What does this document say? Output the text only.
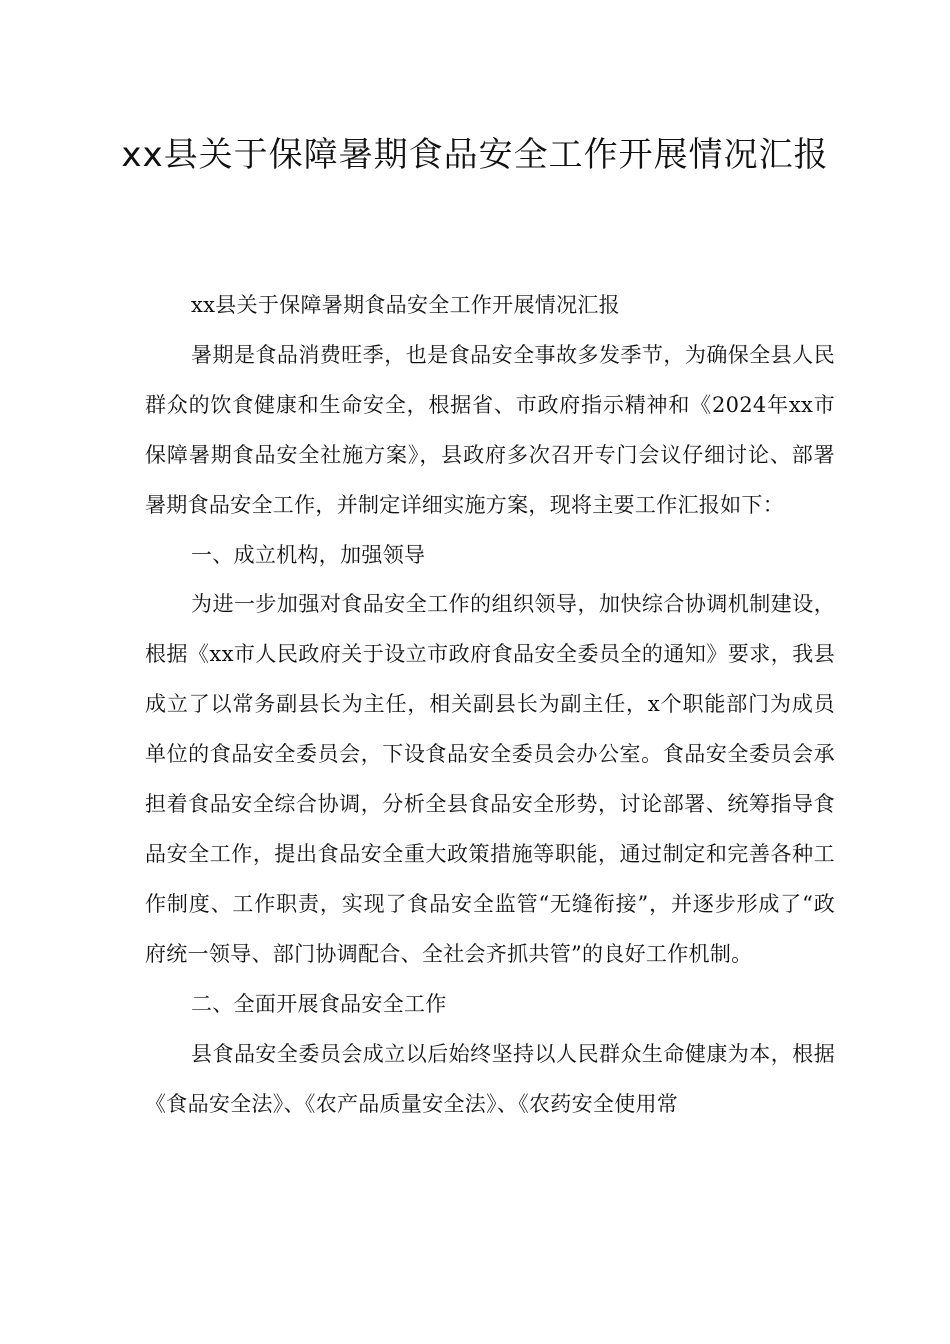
xx县关于保障暑期食品安全工作开展情况汇报

xx县关于保障暑期食品安全工作开展情况汇报

暑期是食品消费旺季，也是食品安全事故多发季节，为确保全县人民群众的饮食健康和生命安全，根据省、市政府指示精神和《2024年xx市保障暑期食品安全社施方案》，县政府多次召开专门会议仔细讨论、部署暑期食品安全工作，并制定详细实施方案，现将主要工作汇报如下：

一、成立机构，加强领导

为进一步加强对食品安全工作的组织领导，加快综合协调机制建设，根据《xx市人民政府关于设立市政府食品安全委员全的通知》要求，我县成立了以常务副县长为主任，相关副县长为副主任，x个职能部门为成员单位的食品安全委员会，下设食品安全委员会办公室。食品安全委员会承担着食品安全综合协调，分析全县食品安全形势，讨论部署、统筹指导食品安全工作，提出食品安全重大政策措施等职能，通过制定和完善各种工作制度、工作职责，实现了食品安全监管“无缝衔接”，并逐步形成了“政府统一领导、部门协调配合、全社会齐抓共管”的良好工作机制。

二、全面开展食品安全工作

县食品安全委员会成立以后始终坚持以人民群众生命健康为本，根据《食品安全法》、《农产品质量安全法》、《农药安全使用常
